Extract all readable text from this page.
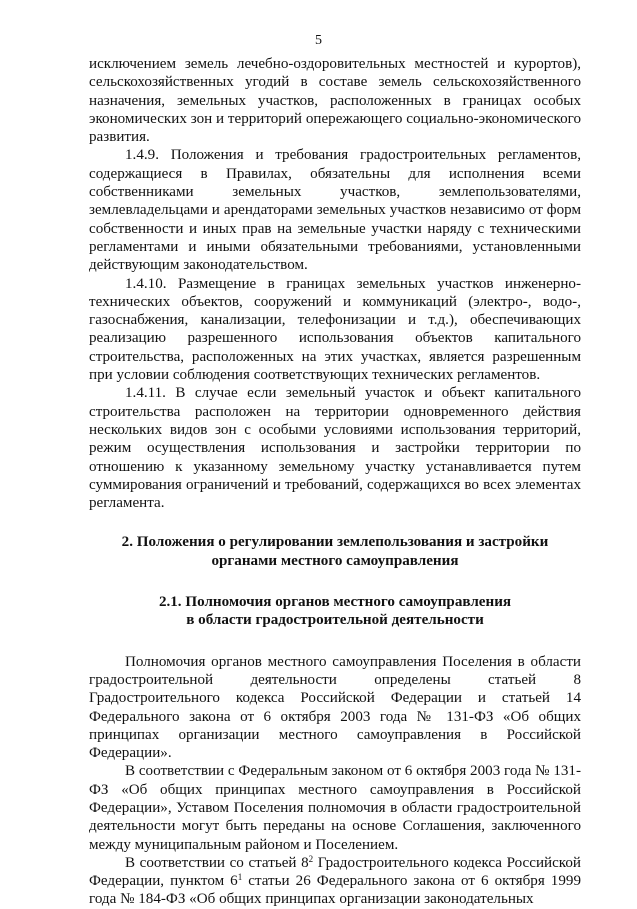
5

исключением земель лечебно-оздоровительных местностей и курортов), сельскохозяйственных угодий в составе земель сельскохозяйственного назначения, земельных участков, расположенных в границах особых экономических зон и территорий опережающего социально-экономического развития.

1.4.9. Положения и требования градостроительных регламентов, содержащиеся в Правилах, обязательны для исполнения всеми собственниками земельных участков, землепользователями, землевладельцами и арендаторами земельных участков независимо от форм собственности и иных прав на земельные участки наряду с техническими регламентами и иными обязательными требованиями, установленными действующим законодательством.

1.4.10. Размещение в границах земельных участков инженерно-технических объектов, сооружений и коммуникаций (электро-, водо-, газоснабжения, канализации, телефонизации и т.д.), обеспечивающих реализацию разрешенного использования объектов капитального строительства, расположенных на этих участках, является разрешенным при условии соблюдения соответствующих технических регламентов.

1.4.11. В случае если земельный участок и объект капитального строительства расположен на территории одновременного действия нескольких видов зон с особыми условиями использования территорий, режим осуществления использования и застройки территории по отношению к указанному земельному участку устанавливается путем суммирования ограничений и требований, содержащихся во всех элементах регламента.

2. Положения о регулировании землепользования и застройки
органами местного самоуправления
2.1. Полномочия органов местного самоуправления
в области градостроительной деятельности

Полномочия органов местного самоуправления Поселения в области градостроительной деятельности определены статьей 8 Градостроительного кодекса Российской Федерации и статьей 14 Федерального закона от 6 октября 2003 года № 131-ФЗ «Об общих принципах организации местного самоуправления в Российской Федерации».

В соответствии с Федеральным законом от 6 октября 2003 года № 131-ФЗ «Об общих принципах местного самоуправления в Российской Федерации», Уставом Поселения полномочия в области градостроительной деятельности могут быть переданы на основе Соглашения, заключенного между муниципальным районом и Поселением.

В соответствии со статьей $8^2$ Градостроительного кодекса Российской Федерации, пунктом $6^1$ статьи 26 Федерального закона от 6 октября 1999 года № 184-ФЗ «Об общих принципах организации законодательных
